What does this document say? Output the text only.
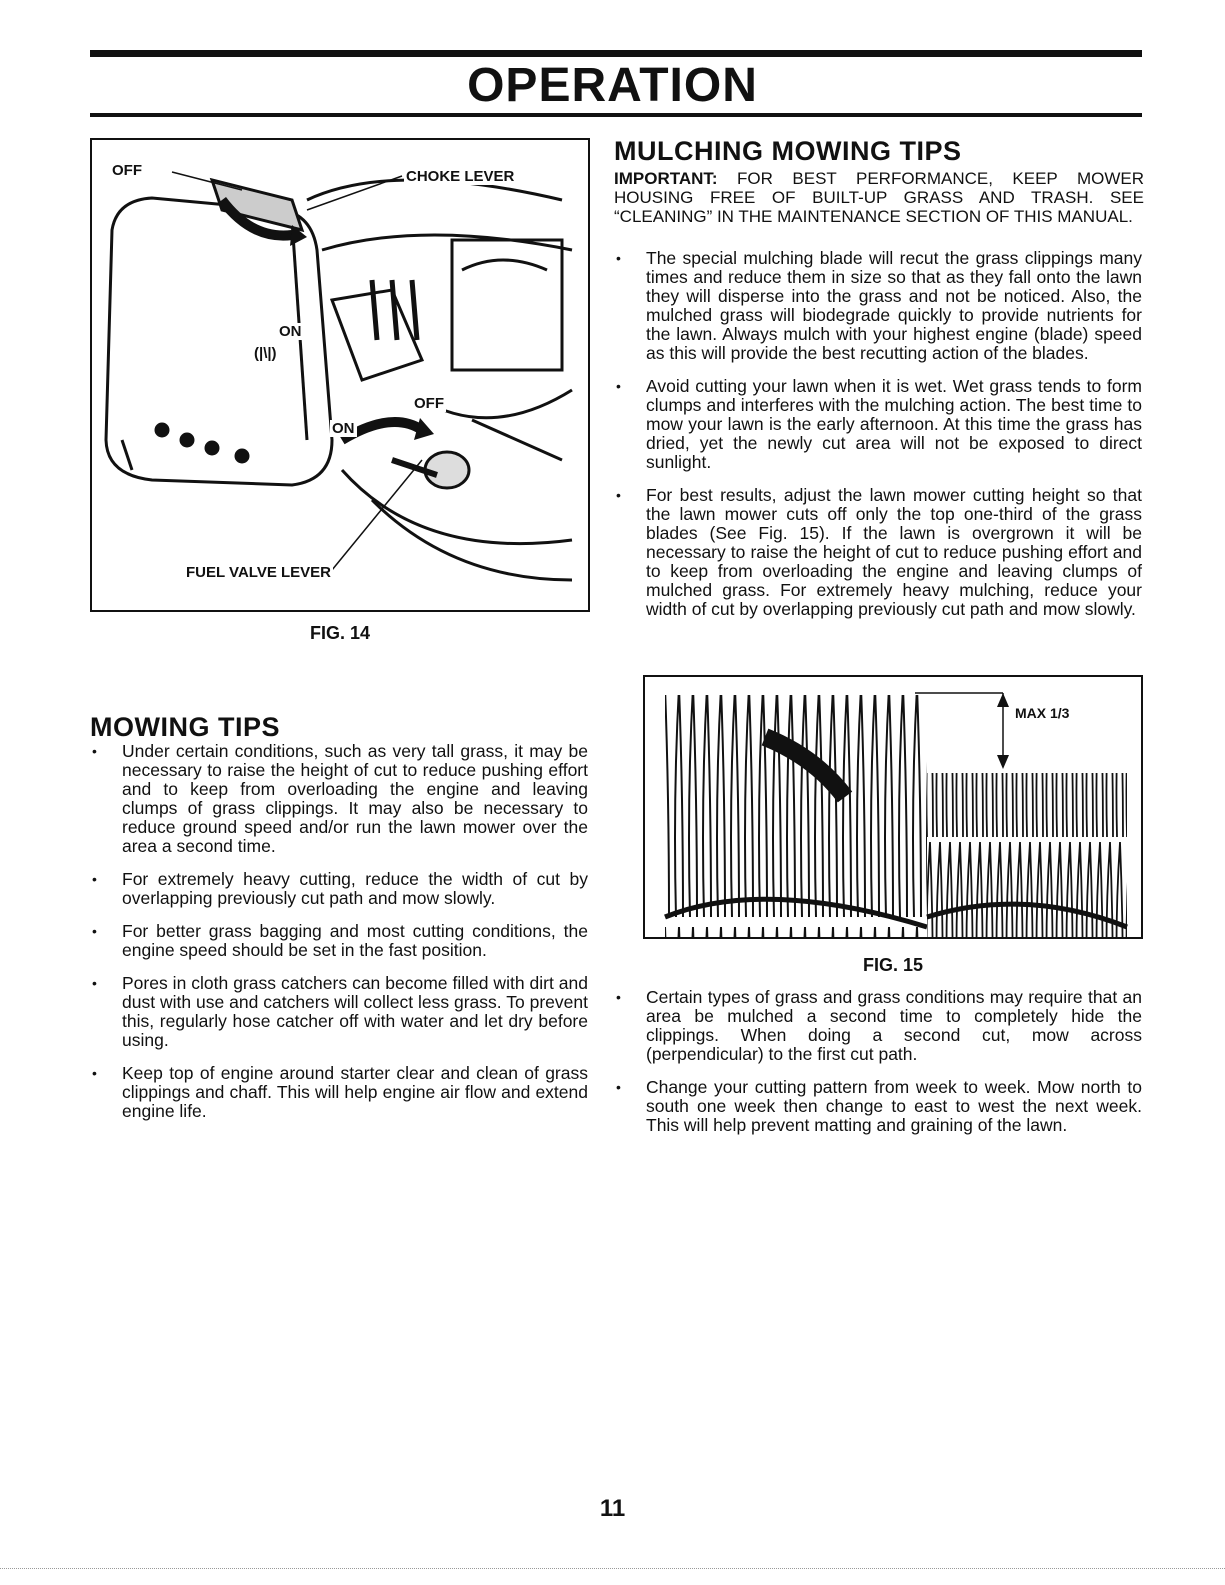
OPERATION
OFF	CHOKE LEVER
ON
(|\|)
OFF
ON
FUEL VALVE LEVER
FIG. 14
MULCHING MOWING TIPS
IMPORTANT: FOR BEST PERFORMANCE, KEEP MOWER HOUSING FREE OF BUILT-UP GRASS AND TRASH. SEE “CLEANING” IN THE MAINTENANCE SECTION OF THIS MANUAL.
• The special mulching blade will recut the grass clippings many times and reduce them in size so that as they fall onto the lawn they will disperse into the grass and not be noticed. Also, the mulched grass will biodegrade quickly to provide nutrients for the lawn. Always mulch with your highest engine (blade) speed as this will provide the best recutting action of the blades.
• Avoid cutting your lawn when it is wet. Wet grass tends to form clumps and interferes with the mulching action. The best time to mow your lawn is the early afternoon. At this time the grass has dried, yet the newly cut area will not be exposed to direct sunlight.
• For best results, adjust the lawn mower cutting height so that the lawn mower cuts off only the top one-third of the grass blades (See Fig. 15). If the lawn is overgrown it will be necessary to raise the height of cut to reduce pushing effort and to keep from overloading the engine and leaving clumps of mulched grass. For extremely heavy mulching, reduce your width of cut by overlapping previously cut path and mow slowly.
MAX 1/3
FIG. 15
• Certain types of grass and grass conditions may require that an area be mulched a second time to completely hide the clippings. When doing a second cut, mow across (perpendicular) to the first cut path.
• Change your cutting pattern from week to week. Mow north to south one week then change to east to west the next week. This will help prevent matting and graining of the lawn.
MOWING TIPS
• Under certain conditions, such as very tall grass, it may be necessary to raise the height of cut to reduce pushing effort and to keep from overloading the engine and leaving clumps of grass clippings. It may also be necessary to reduce ground speed and/or run the lawn mower over the area a second time.
• For extremely heavy cutting, reduce the width of cut by overlapping previously cut path and mow slowly.
• For better grass bagging and most cutting conditions, the engine speed should be set in the fast position.
• Pores in cloth grass catchers can become filled with dirt and dust with use and catchers will collect less grass. To prevent this, regularly hose catcher off with water and let dry before using.
• Keep top of engine around starter clear and clean of grass clippings and chaff. This will help engine air flow and extend engine life.
11
